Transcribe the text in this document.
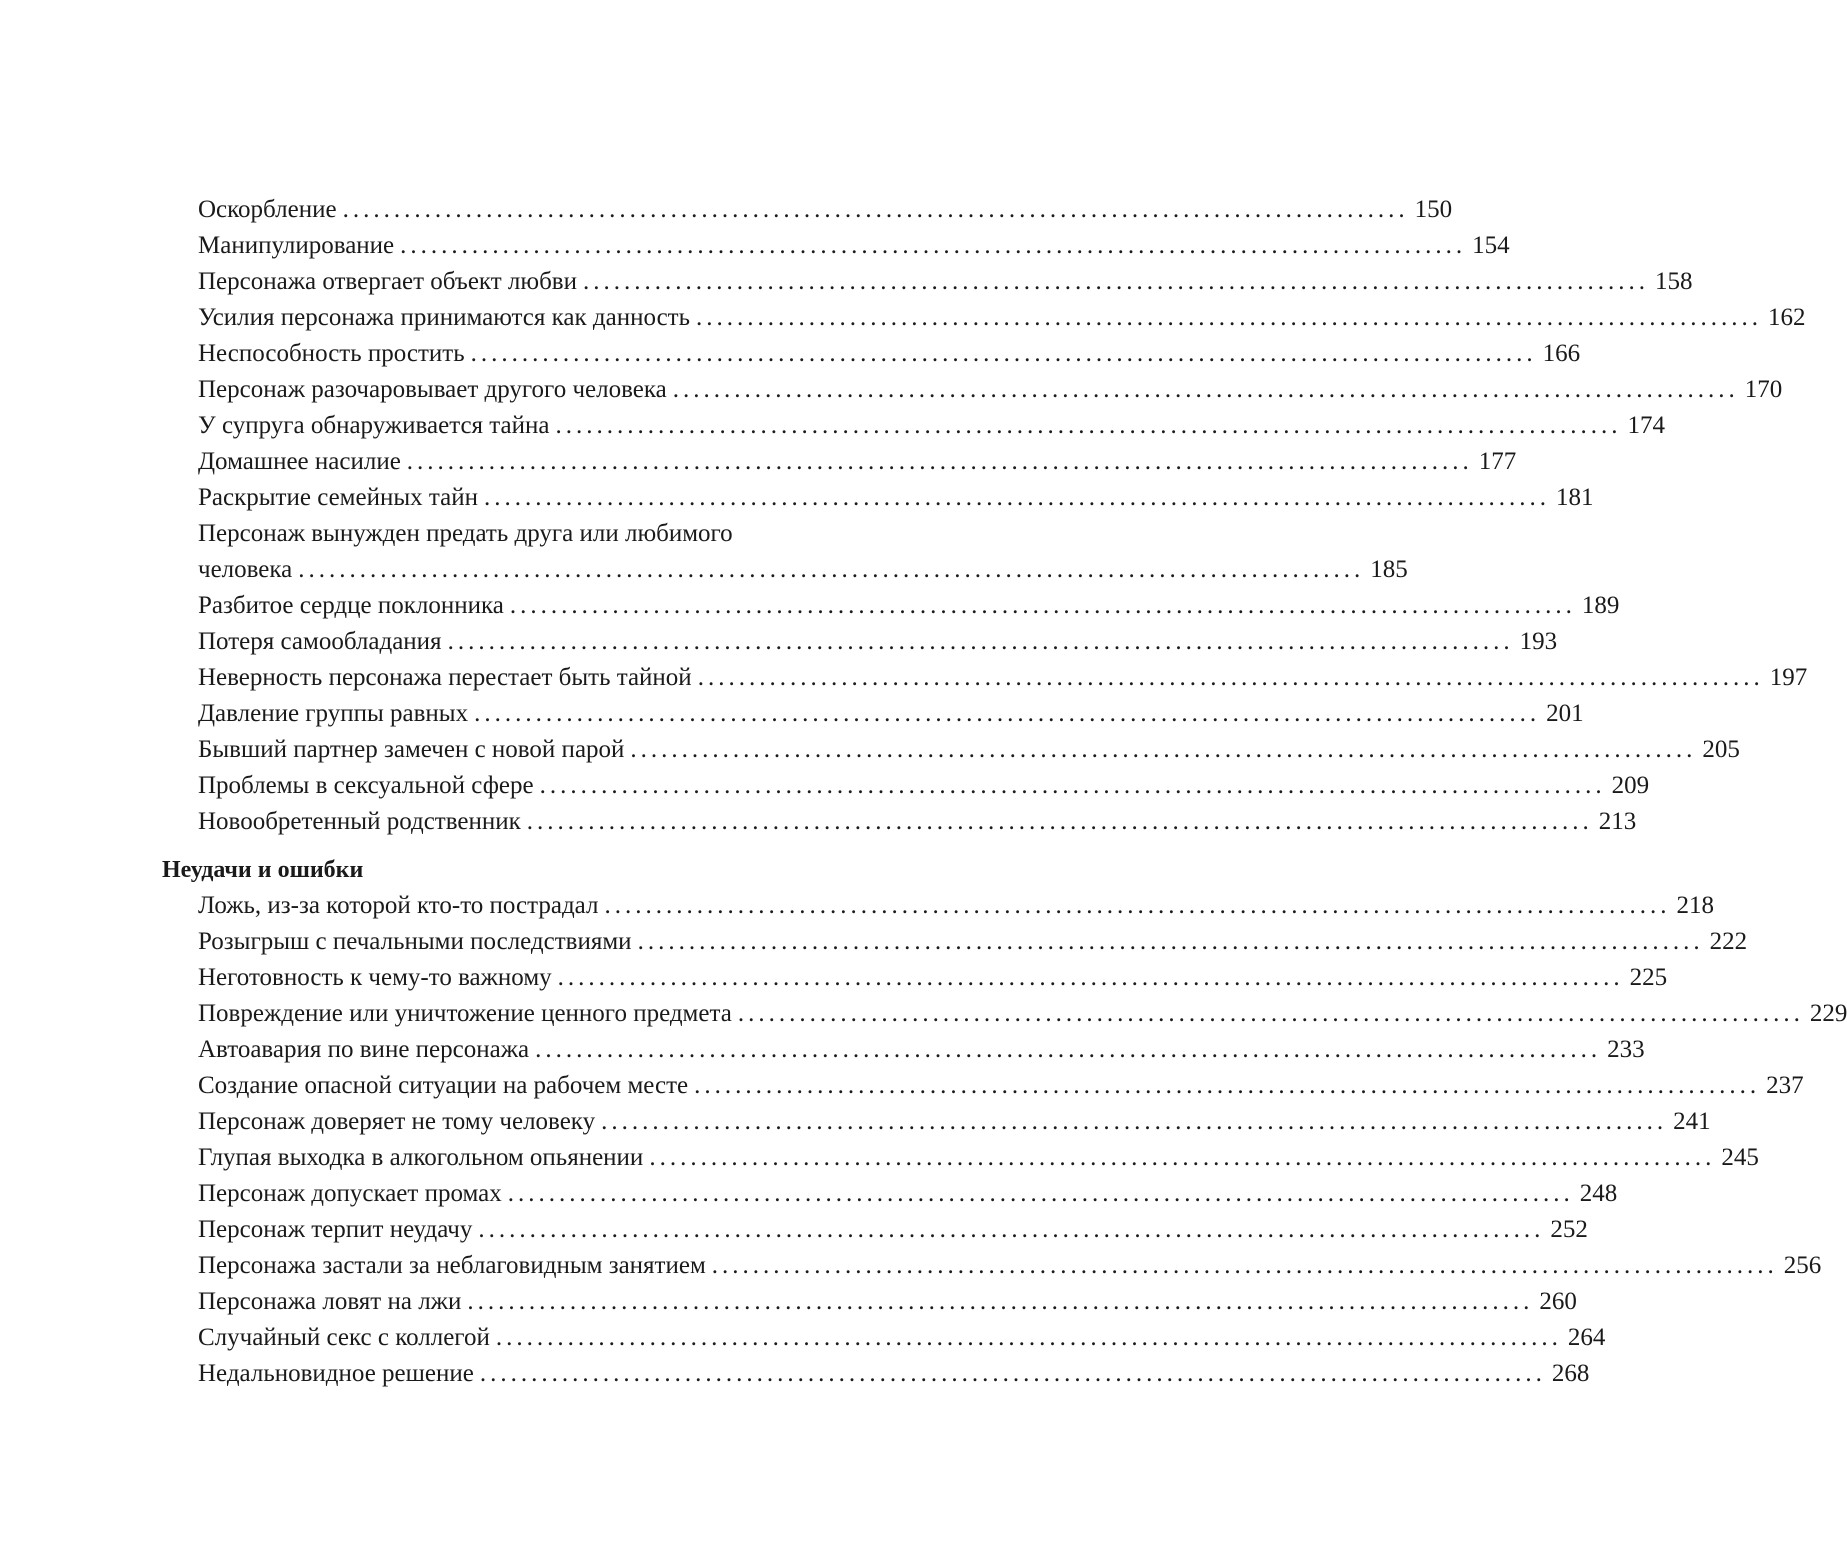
Оскорбление ........................................................................................................ 150
Манипулирование ........................................................................................................ 154
Персонажа отвергает объект любви ........................................................................................................ 158
Усилия персонажа принимаются как данность ........................................................................................................ 162
Неспособность простить ........................................................................................................ 166
Персонаж разочаровывает другого человека ........................................................................................................ 170
У супруга обнаруживается тайна ........................................................................................................ 174
Домашнее насилие ........................................................................................................ 177
Раскрытие семейных тайн ........................................................................................................ 181
Персонаж вынужден предать друга или любимого
человека ........................................................................................................ 185
Разбитое сердце поклонника ........................................................................................................ 189
Потеря самообладания ........................................................................................................ 193
Неверность персонажа перестает быть тайной ........................................................................................................ 197
Давление группы равных ........................................................................................................ 201
Бывший партнер замечен с новой парой ........................................................................................................ 205
Проблемы в сексуальной сфере ........................................................................................................ 209
Новообретенный родственник ........................................................................................................ 213
Неудачи и ошибки
Ложь, из-за которой кто-то пострадал ........................................................................................................ 218
Розыгрыш с печальными последствиями ........................................................................................................ 222
Неготовность к чему-то важному ........................................................................................................ 225
Повреждение или уничтожение ценного предмета ........................................................................................................ 229
Автоавария по вине персонажа ........................................................................................................ 233
Создание опасной ситуации на рабочем месте ........................................................................................................ 237
Персонаж доверяет не тому человеку ........................................................................................................ 241
Глупая выходка в алкогольном опьянении ........................................................................................................ 245
Персонаж допускает промах ........................................................................................................ 248
Персонаж терпит неудачу ........................................................................................................ 252
Персонажа застали за неблаговидным занятием ........................................................................................................ 256
Персонажа ловят на лжи ........................................................................................................ 260
Случайный секс с коллегой ........................................................................................................ 264
Недальновидное решение ........................................................................................................ 268
